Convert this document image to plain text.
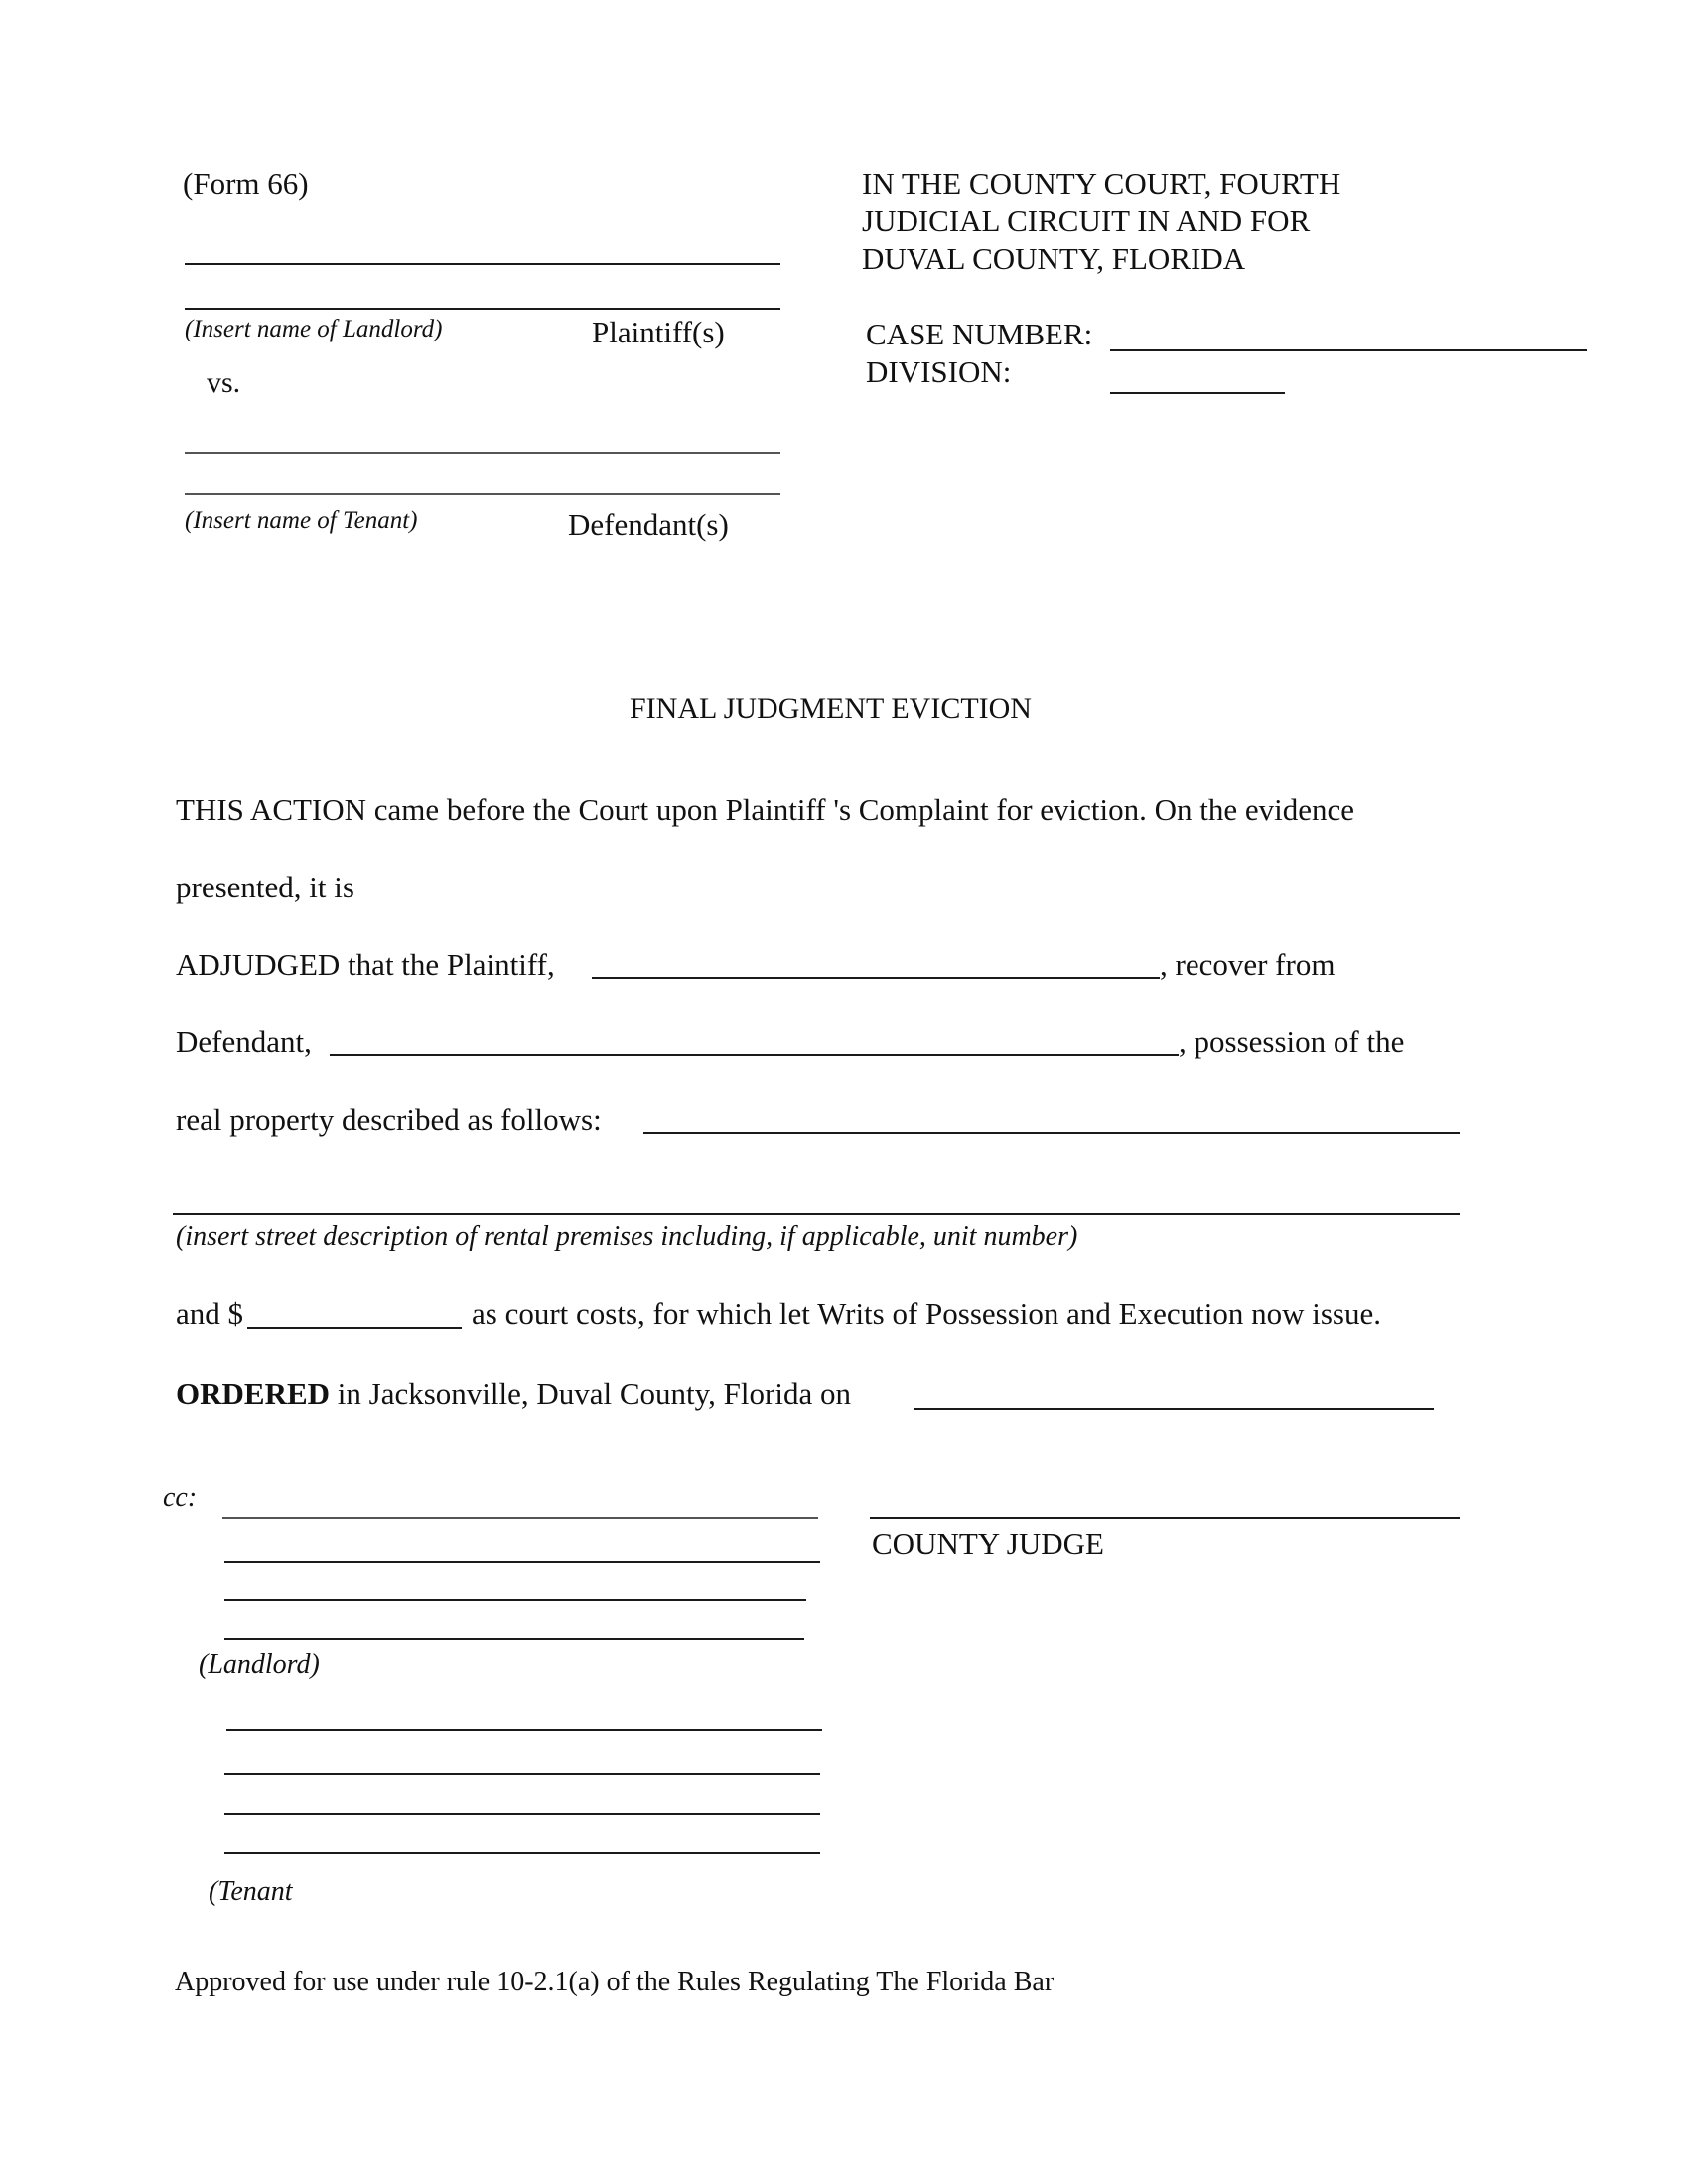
(Form 66)
(Insert name of Landlord)	Plaintiff(s)
vs.
(Insert name of Tenant)	Defendant(s)
IN THE COUNTY COURT, FOURTH
JUDICIAL CIRCUIT IN AND FOR
DUVAL COUNTY, FLORIDA
CASE NUMBER:
DIVISION:
FINAL JUDGMENT EVICTION
THIS ACTION came before the Court upon Plaintiff 's Complaint for eviction. On the evidence
presented, it is
ADJUDGED that the Plaintiff,	, recover from
Defendant,	, possession of the
real property described as follows:
(insert street description of rental premises including, if applicable, unit number)
and $	as court costs, for which let Writs of Possession and Execution now issue.
ORDERED in Jacksonville, Duval County, Florida on
cc:
(Landlord)
(Tenant
COUNTY JUDGE
Approved for use under rule 10-2.1(a) of the Rules Regulating The Florida Bar
